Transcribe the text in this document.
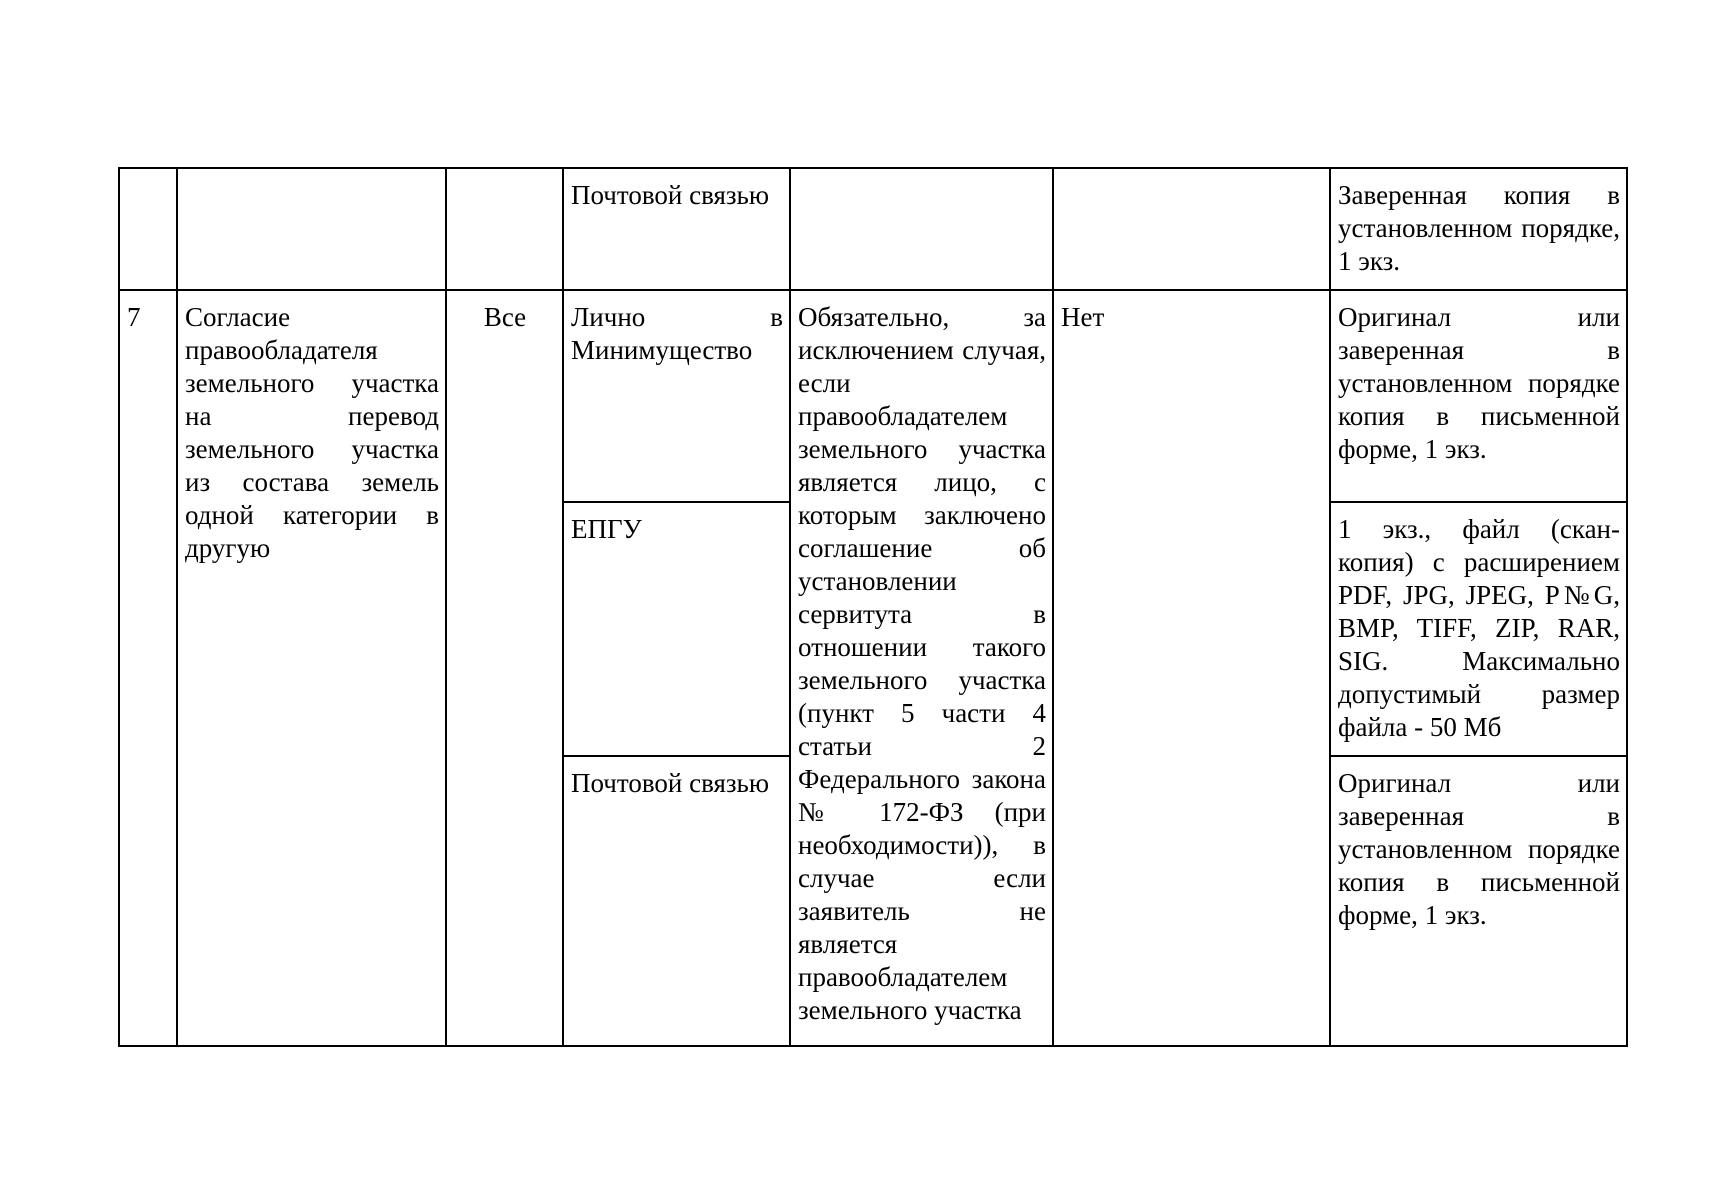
			Почтовой связью			Заверенная копия в установленном порядке, 1 экз.
7	Согласие правообладателя земельного участка на перевод земельного участка из состава земель одной категории в другую	Все	Лично в Минимущество	Обязательно, за исключением случая, если правообладателем земельного участка является лицо, с которым заключено соглашение об установлении сервитута в отношении такого земельного участка (пункт 5 части 4 статьи 2 Федерального закона № 172-ФЗ (при необходимости)), в случае если заявитель не является правообладателем земельного участка	Нет	Оригинал или заверенная в установленном порядке копия в письменной форме, 1 экз.
			ЕПГУ			1 экз., файл (скан-копия) с расширением PDF, JPG, JPEG, P№G, BMP, TIFF, ZIP, RAR, SIG. Максимально допустимый размер файла - 50 Мб
			Почтовой связью			Оригинал или заверенная в установленном порядке копия в письменной форме, 1 экз.
